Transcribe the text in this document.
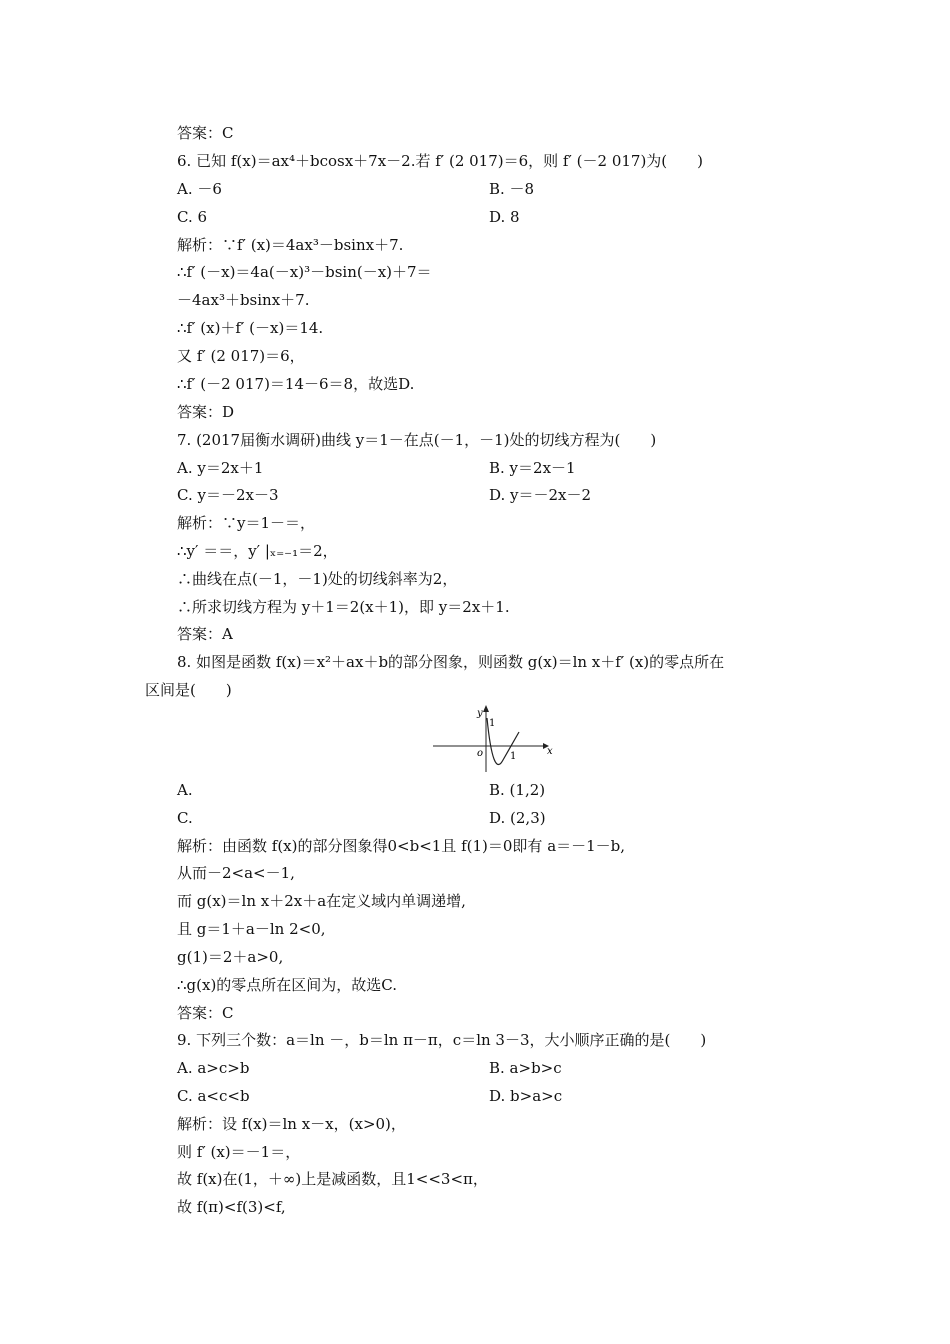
答案：C
6. 已知 f(x)＝ax⁴＋bcosx＋7x－2.若 f′ (2 017)＝6，则 f′ (－2 017)为(　　)
A. －6	B. －8
C. 6	D. 8
解析：∵f′ (x)＝4ax³－bsinx＋7.
∴f′ (－x)＝4a(－x)³－bsin(－x)＋7＝
－4ax³＋bsinx＋7.
∴f′ (x)＋f′ (－x)＝14.
又 f′ (2 017)＝6，
∴f′ (－2 017)＝14－6＝8，故选D.
答案：D
7. (2017届衡水调研)曲线 y＝1－在点(－1，－1)处的切线方程为(　　)
A. y＝2x＋1	B. y＝2x－1
C. y＝－2x－3	D. y＝－2x－2
解析：∵y＝1－＝，
∴y′ ＝＝，y′ |ₓ₌₋₁＝2，
∴曲线在点(－1，－1)处的切线斜率为2，
∴所求切线方程为 y＋1＝2(x＋1)，即 y＝2x＋1.
答案：A
8. 如图是函数 f(x)＝x²＋ax＋b的部分图象，则函数 g(x)＝ln x＋f′ (x)的零点所在
区间是(　　)
y
1
o	1	x
A.	B. (1,2)
C.	D. (2,3)
解析：由函数 f(x)的部分图象得0<b<1且 f(1)＝0即有 a＝－1－b,
从而－2<a<－1,
而 g(x)＝ln x＋2x＋a在定义域内单调递增,
且 g＝1＋a－ln 2<0,
g(1)＝2＋a>0,
∴g(x)的零点所在区间为，故选C.
答案：C
9. 下列三个数：a＝ln －，b＝ln π－π，c＝ln 3－3，大小顺序正确的是(　　)
A. a>c>b	B. a>b>c
C. a<c<b	D. b>a>c
解析：设 f(x)＝ln x－x，(x>0)，
则 f′ (x)＝－1＝，
故 f(x)在(1，＋∞)上是减函数，且1<<3<π，
故 f(π)<f(3)<f,
